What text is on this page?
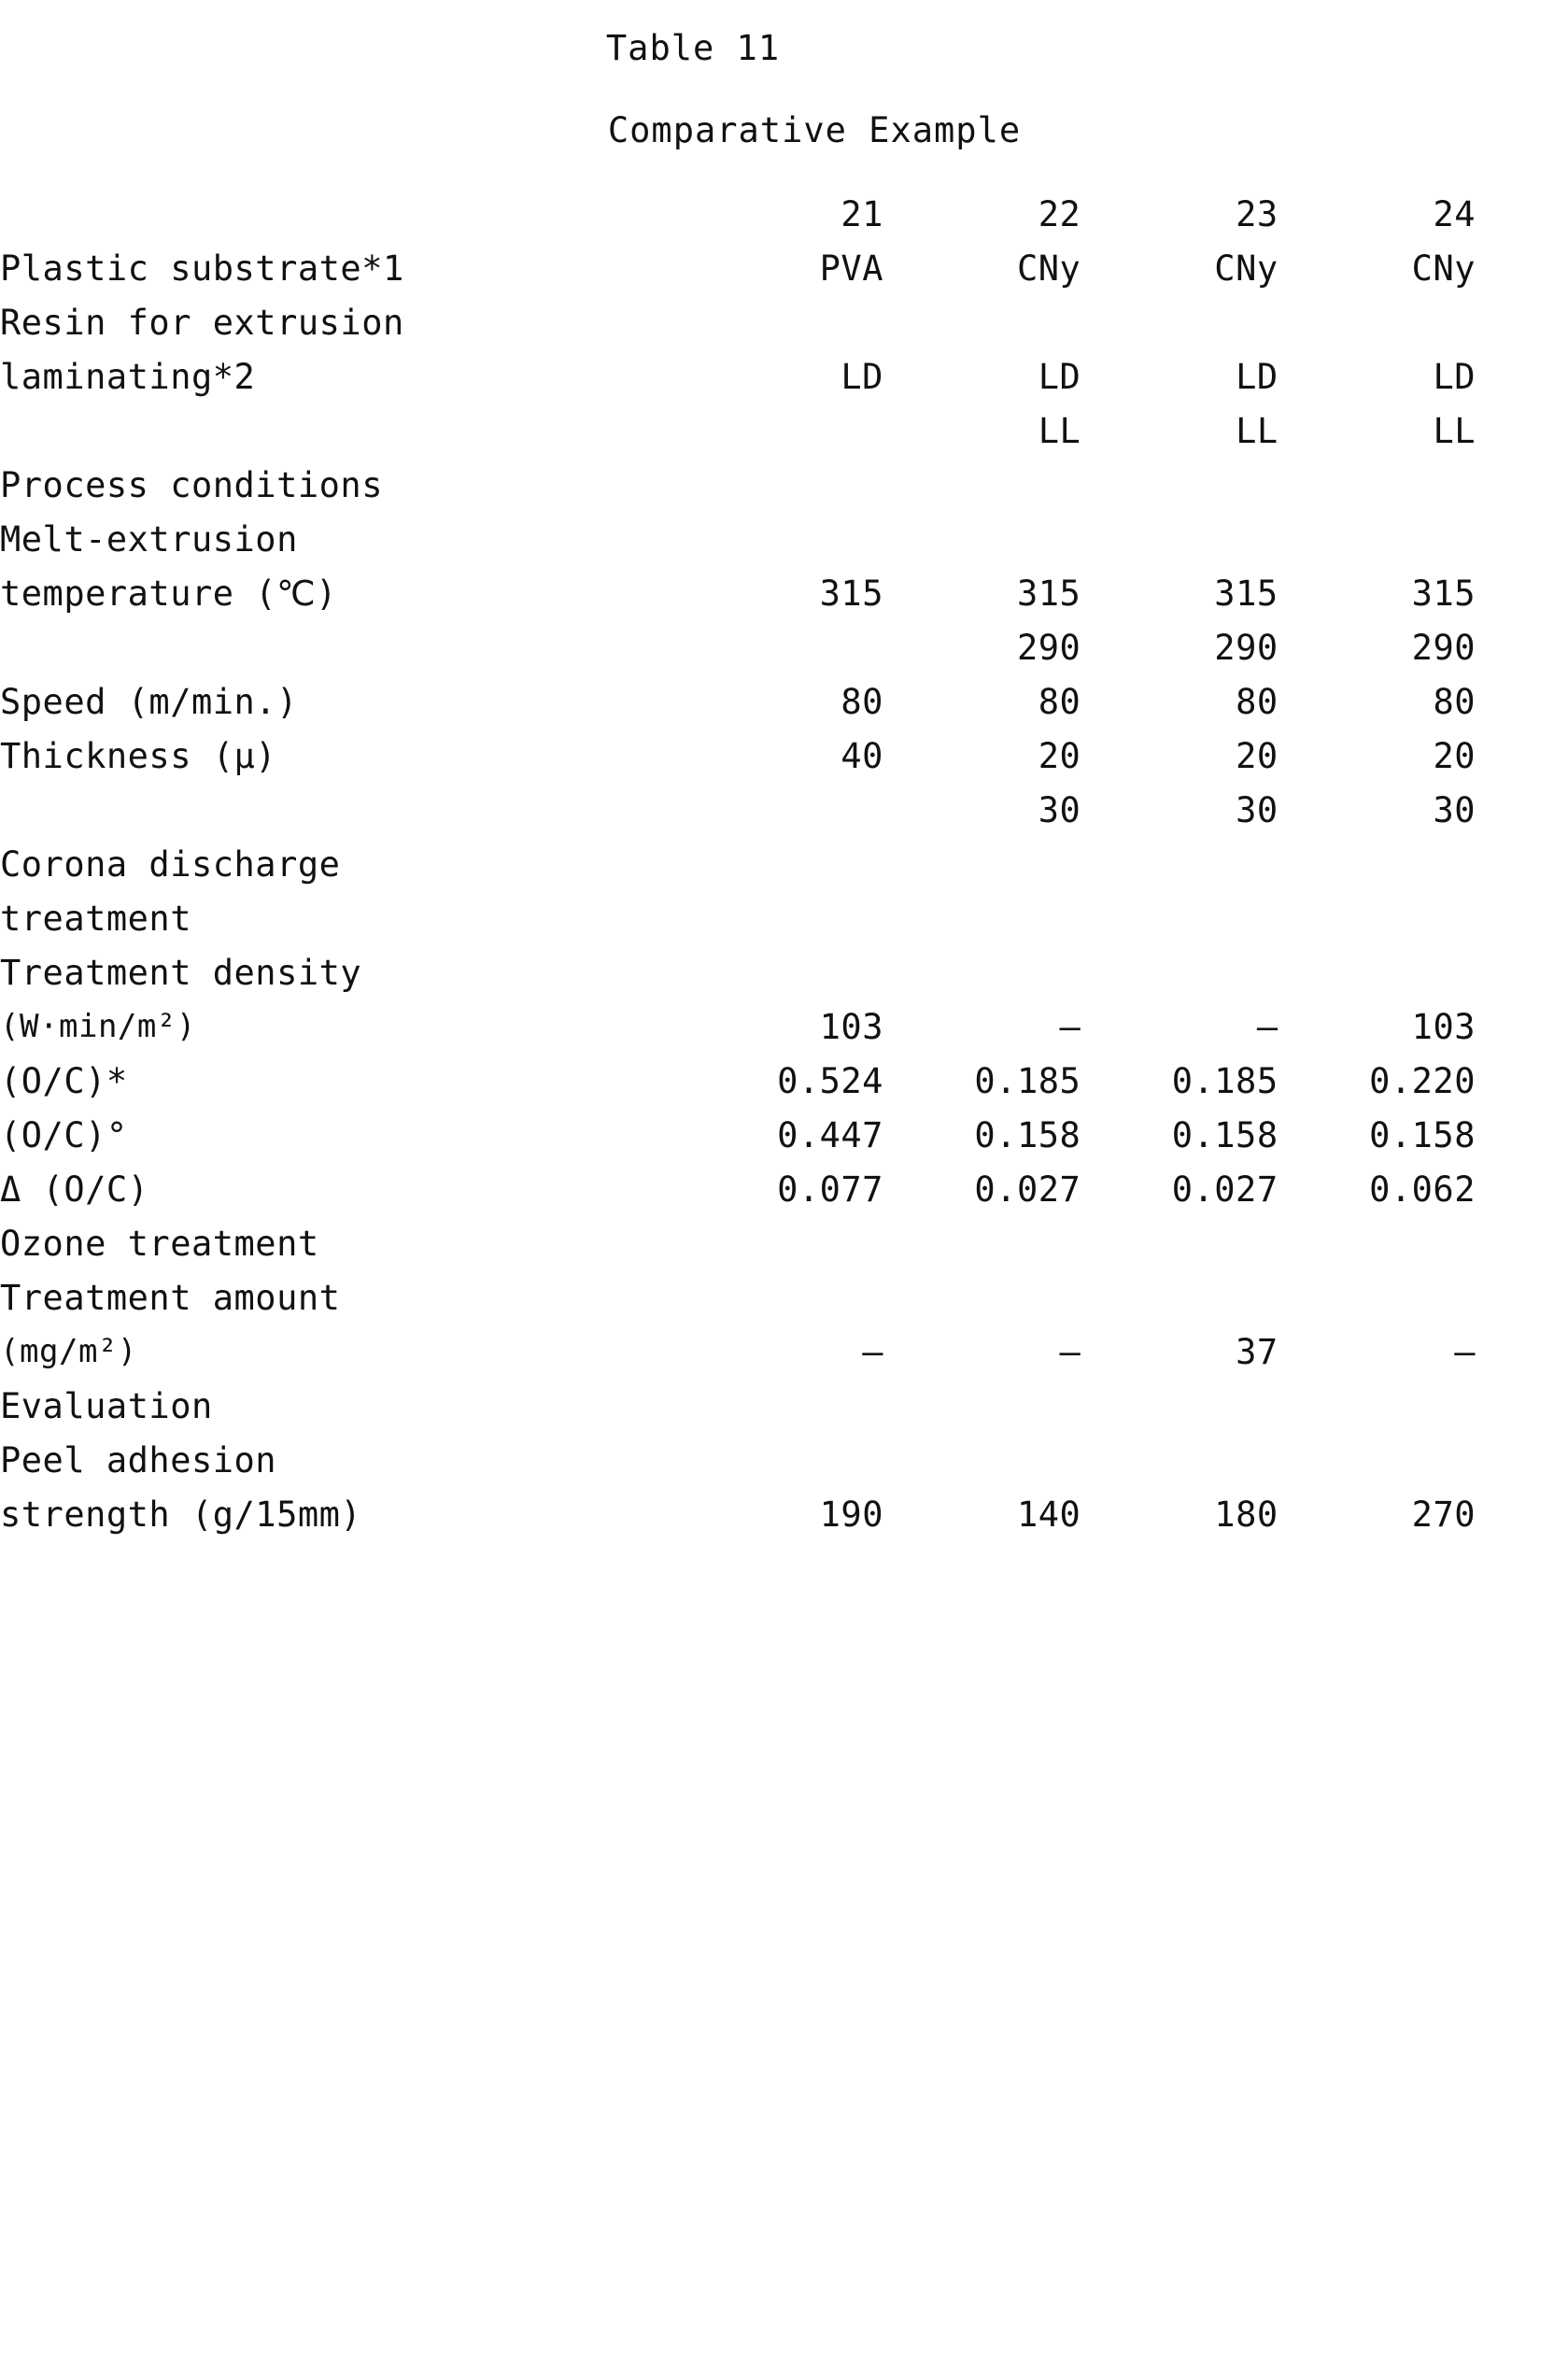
Table 11
Comparative Example
	21	22	23	24
Plastic substrate*1	PVA	CNy	CNy	CNy
Resin for extrusion				
laminating*2	LD	LD	LD	LD
		LL	LL	LL
Process conditions				
Melt-extrusion				
temperature (℃)	315	315	315	315
		290	290	290
Speed (m/min.)	80	80	80	80
Thickness (μ)	40	20	20	20
		30	30	30
Corona discharge				
treatment				
Treatment density				
(W·min/m²)	103	–	–	103
(O/C)*	0.524	0.185	0.185	0.220
(O/C)°	0.447	0.158	0.158	0.158
Δ (O/C)	0.077	0.027	0.027	0.062
Ozone treatment				
Treatment amount				
(mg/m²)	–	–	37	–
Evaluation				
Peel adhesion				
strength (g/15mm)	190	140	180	270
